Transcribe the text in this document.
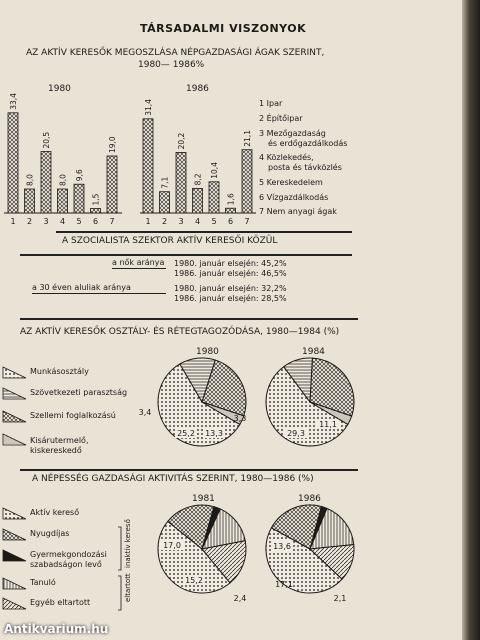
TÁRSADALMI VISZONYOK
AZ AKTÍV KERESŐK MEGOSZLÁSA NÉPGAZDASÁGI ÁGAK SZERINT,
1980— 1986%
1980	1986
1 Ipar
2 Építőipar
3 Mezőgazdaság
és erdőgazdálkodás
4 Közlekedés,
posta és távközlés
5 Kereskedelem
6 Vízgazdálkodás
7 Nem anyagi ágak
A SZOCIALISTA SZEKTOR AKTÍV KERESŐI KÖZÜL
a nők aránya 1980. január elsején: 45,2%
1986. január elsején: 46,5%
a 30 éven aluliak aránya	1980. január elsején: 32,2%
1986. január elsején: 28,5%
AZ AKTÍV KERESŐK OSZTÁLY- ÉS RÉTEGTAGOZÓDÁSA, 1980—1984 (%)
1980	1984
Munkásosztály
Szövetkezeti parasztság
Szellemi foglalkozású
Kisárutermelő,
kiskereskedő
A NÉPESSÉG GAZDASÁGI AKTIVITÁS SZERINT, 1980—1986 (%)
1981	1986
Aktív kereső
Nyugdíjas
Gyermekgondozási
szabadságon levő
Tanuló
Egyéb eltartott
inaktív kereső
eltartott
33,4
1
8,0
2
20,5
3
8,0
4
9,6
5
1,5
6
19,0
7
31,4
1
7,1
2
20,2
3
8,2
4
10,4
5
1,6
6
21,1
7
13,3
25,2
3,4
11,1
29,3
3,3
2,4
15,2
17,0
2,1
17,1
13,6
Antikvarium.hu
